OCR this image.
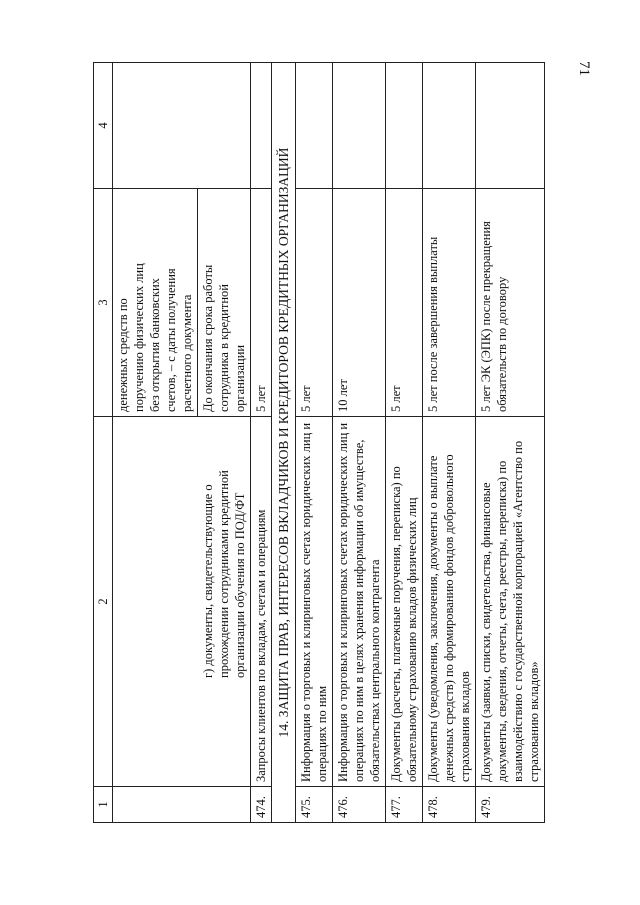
71
1	2	3	4

	г) документы, свидетельствующие о прохождении сотрудниками кредитной организации обучения по ПОД/ФТ	денежных средств по поручению физических лиц без открытия банковских счетов, – с даты получения расчетного документа	
		До окончания срока работы сотрудника в кредитной организации	
474.	Запросы клиентов по вкладам, счетам и операциям	5 лет	
14. ЗАЩИТА ПРАВ, ИНТЕРЕСОВ ВКЛАДЧИКОВ И КРЕДИТОРОВ КРЕДИТНЫХ ОРГАНИЗАЦИЙ			
475.	Информация о торговых и клиринговых счетах юридических лиц и операциях по ним	5 лет	
476.	Информация о торговых и клиринговых счетах юридических лиц и операциях по ним в целях хранения информации об имуществе, обязательствах центрального контрагента	10 лет	
477.	Документы (расчеты, платежные поручения, переписка) по обязательному страхованию вкладов физических лиц	5 лет	
478.	Документы (уведомления, заключения, документы о выплате денежных средств) по формированию фондов добровольного страхования вкладов	5 лет после завершения выплаты	
479.	Документы (заявки, списки, свидетельства, финансовые документы, сведения, отчеты, счета, реестры, переписка) по взаимодействию с государственной корпорацией «Агентство по страхованию вкладов»	5 лет ЭК (ЭПК) после прекращения обязательств по договору	
